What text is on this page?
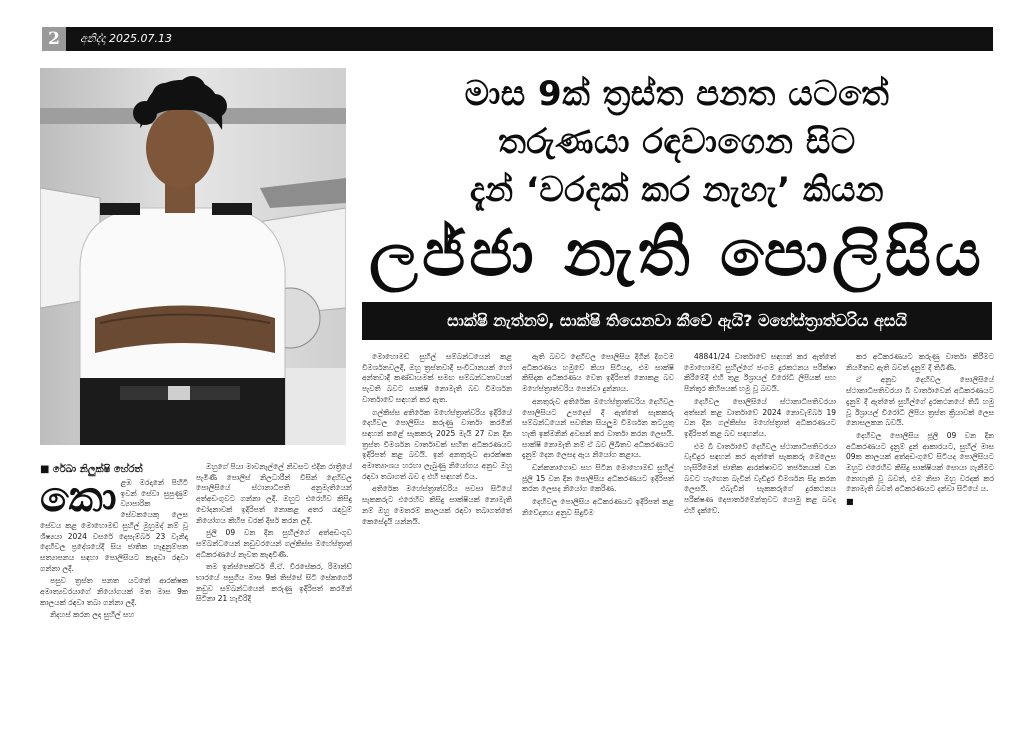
2	අනිද්දා 2025.07.13
මාස 9ක් ත්‍රස්ත පනත යටතේ
තරුණයා රඳවාගෙන සිට
දැන් ‘වරදක් කර නැහැ’ කියන
ලජ්ජා නැති පොලිසිය
සාක්ෂි නැත්නම්, සාක්ෂි තියෙනවා කීවේ ඇයි? මහේස්ත්‍රාත්වරිය අසයි
■ රේඛා නිලුක්ෂි හේරත්
කො ළඹ මරදානේ පිහිටි ඉවන් සේවා සුපුණුම් ව්‍යාපාරික සේවකයෙකු ලෙස සේවය කළ මොහොමඩ් සුහිල් මුහුමද් නම් වූ ශිෂ්‍යයා 2024 වසරේ දෙසැම්බර් 23 වැනිදා දෙහිවල ප්‍රදේශයේදී සිය ජාතික හැඳුනුම්පත සත්‍යාපනය සඳහා පොලිසියට කැඳවා රඳවා ගන්නා ලදී.

පසුව ත්‍රස්ත පනත යටතේ ආරක්ෂක අමාත්‍යවරයාගේ නියෝගයක් මත මාස 9ක කාලයක් රඳවා තබා ගන්නා ලදී.

නිදහස් කරන ලද සුහිල් සහ

ඔහුගේ පියා මාවනැල්ලේ නිවසට එදින රාත්‍රියේ පැමිණි පොලිස් නිලධාරීන් විසින් දෙහිවල පොලිසියේ ස්ථානාධිපති අනුමැතියෙන් අත්අඩංගුවට ගන්නා ලදී. ඔහුට එරෙහිව කිසිදු චෝදනාවක් ඉදිරිපත් නොකළ අතර රැඳවුම් නියෝගය කිහිප වරක් දීර්ඝ කරන ලදී.

ජුලි 09 වන දින සුහිල්ගේ අත්අඩංගුව සම්බන්ධයෙන් නඩුවරයෙන් ගල්කිස්ස මහේස්ත්‍රාත් අධිකරණයේ නැවත කැඳවිණි.

තම ඉන්ස්පෙක්ටර් ජී.ඒ. වීරසේකර, රිමාන්ඩ් භාරයේ පසුගිය මාස 9ක් තිස්සේ සිටි සේකර්ගේ නඩුව සම්බන්ධයෙන් කරුණු ඉදිරිපත් කරමින් සිටිනා 21 හැවිරිදි

මොහොමඩ් සුහිල් සම්බන්ධයෙන් කළ විමර්ශනවලදී, ඔහු ත්‍රස්තවාදී සංවිධානයක් හෝ අන්තවාදී කණ්ඩායමක් සමඟ සම්බන්ධතාවයක් පැවති බවට සාක්ෂි නොමැති බව විමර්ශන වාර්තාවේ සඳහන් කර ඇත.

ගල්කිස්ස අතිරේක මහේස්ත්‍රාත්වරිය ඉදිරියේ දෙහිවල පොලිසිය කරුණු වාර්තා කරමින් සඳහන් කළේ සැකකරු 2025 මැයි 27 වන දින ත්‍රස්ත විමර්ශන වාර්තාවක් සහිත අධිකරණයට ඉදිරිපත් කළ බවයි. ඉන් අනතුරුව ආරක්ෂක අමාත්‍යාංශය හරහා ලැබුණු නියෝගය අනුව ඔහු රඳවා තබාගත් බව ද එහි සඳහන් විය.

අතිරේක මහේස්ත්‍රාත්වරිය පවසා සිටියේ සැකකරුට එරෙහිව කිසිදු සාක්ෂියක් නොමැති නම් ඔහු මෙතරම් කාලයක් රඳවා තබාගත්තේ කෙසේදැයි යන්නයි.

ඇති බවට දෙහිවල පොලිසිය දිගින් දිගටම අධිකරණය හමුවේ කියා සිටියද, එම සාක්ෂි කිසිදාක අධිකරණය වෙත ඉදිරිපත් නොකළ බව මහේස්ත්‍රාත්වරිය පෙන්වා දුන්නාය.

අනතුරුව අතිරේක මහේස්ත්‍රාත්වරිය දෙහිවල පොලිසියට උපදෙස් දී ඇත්තේ සැකකරු සම්බන්ධයෙන් පවතින සියලුම විමර්ශන කටයුතු හැකි ඉක්මනින් අවසන් කර වාර්තා කරන ලෙසයි. සාක්ෂි නොමැති නම් ඒ බව ලිඛිතව අධිකරණයට දැනුම් දෙන ලෙසද ඇය නියෝග කළාය.

ඩන්කනාගොඩ සහ සිටින මොහොමඩ් සුහිල් ජූලි 15 වන දින පොලිසිය අධිකරණයට ඉදිරිපත් කරන ලෙසද නියෝග කෙරිණ.

දෙහිවල පොලිසිය අධිකරණයට ඉදිරිපත් කළ නිවේදනය අනුව සිදුවීම

48841/24 වාර්තාවේ සඳහන් කර ඇත්තේ මොහොමඩ් සුහිල්ගේ ජංගම දුරකථනය පරීක්ෂා කිරීමේදී එහි තුළ ඊශ්‍රායල් විරෝධී ලිපියක් සහ පින්තූර කිහිපයක් හමු වූ බවයි.

දෙහිවල පොලිසියේ ස්ථානාධිපතිවරයා අත්සන් කළ වාර්තාවේ 2024 නොවැම්බර් 19 වන දින ගල්කිස්ස මහේස්ත්‍රාත් අධිකරණයට ඉදිරිපත් කළ බව සඳහන්ය.

එම බී වාර්තාවේ දෙහිවල ස්ථානාධිපතිවරයා වැඩිදුර සඳහන් කර ඇත්තේ සැකකරු මෙලෙස හැසිරීමෙන් ජාතික ආරක්ෂාවට තර්ජනයක් වන බවට හැඟෙන බැවින් වැඩිදුර විමර්ශන සිදු කරන ලෙසයි. එබැවින් සැකකරුගේ දුරකථනය පරීක්ෂණ දෙපාර්තමේන්තුවට යොමු කළ බවද එහි දැක්වේ.

කර අධිකරණයට කරුණු වාර්තා කිරීමට නියමිතව ඇති බවත් දැනුම් දී තිබිණි.

ඒ අනුව දෙහිවල පොලිසියේ ස්ථානාධිපතිවරයා බී වාර්තාවෙන් අධිකරණයට දැනුම් දී ඇත්තේ සුහිල්ගේ දුරකථනයේ තිබී හමු වූ ඊශ්‍රායල් විරෝධී ලිපිය ත්‍රස්ත ක්‍රියාවක් ලෙස නොසලකන බවයි.

දෙහිවල පොලිසිය ජූලි 09 වන දින අධිකරණයට දැනුම් දුන් ආකාරයට, සුහිල් මාස 09ක කාලයක් අත්අඩංගුවේ සිටියද පොලිසියට ඔහුට එරෙහිව කිසිදු සාක්ෂියක් සොයා ගැනීමට නොහැකි වූ බවත්, එම නිසා ඔහු වරදක් කර නොමැති බවත් අධිකරණයට දන්වා සිටියේ ය.

■
